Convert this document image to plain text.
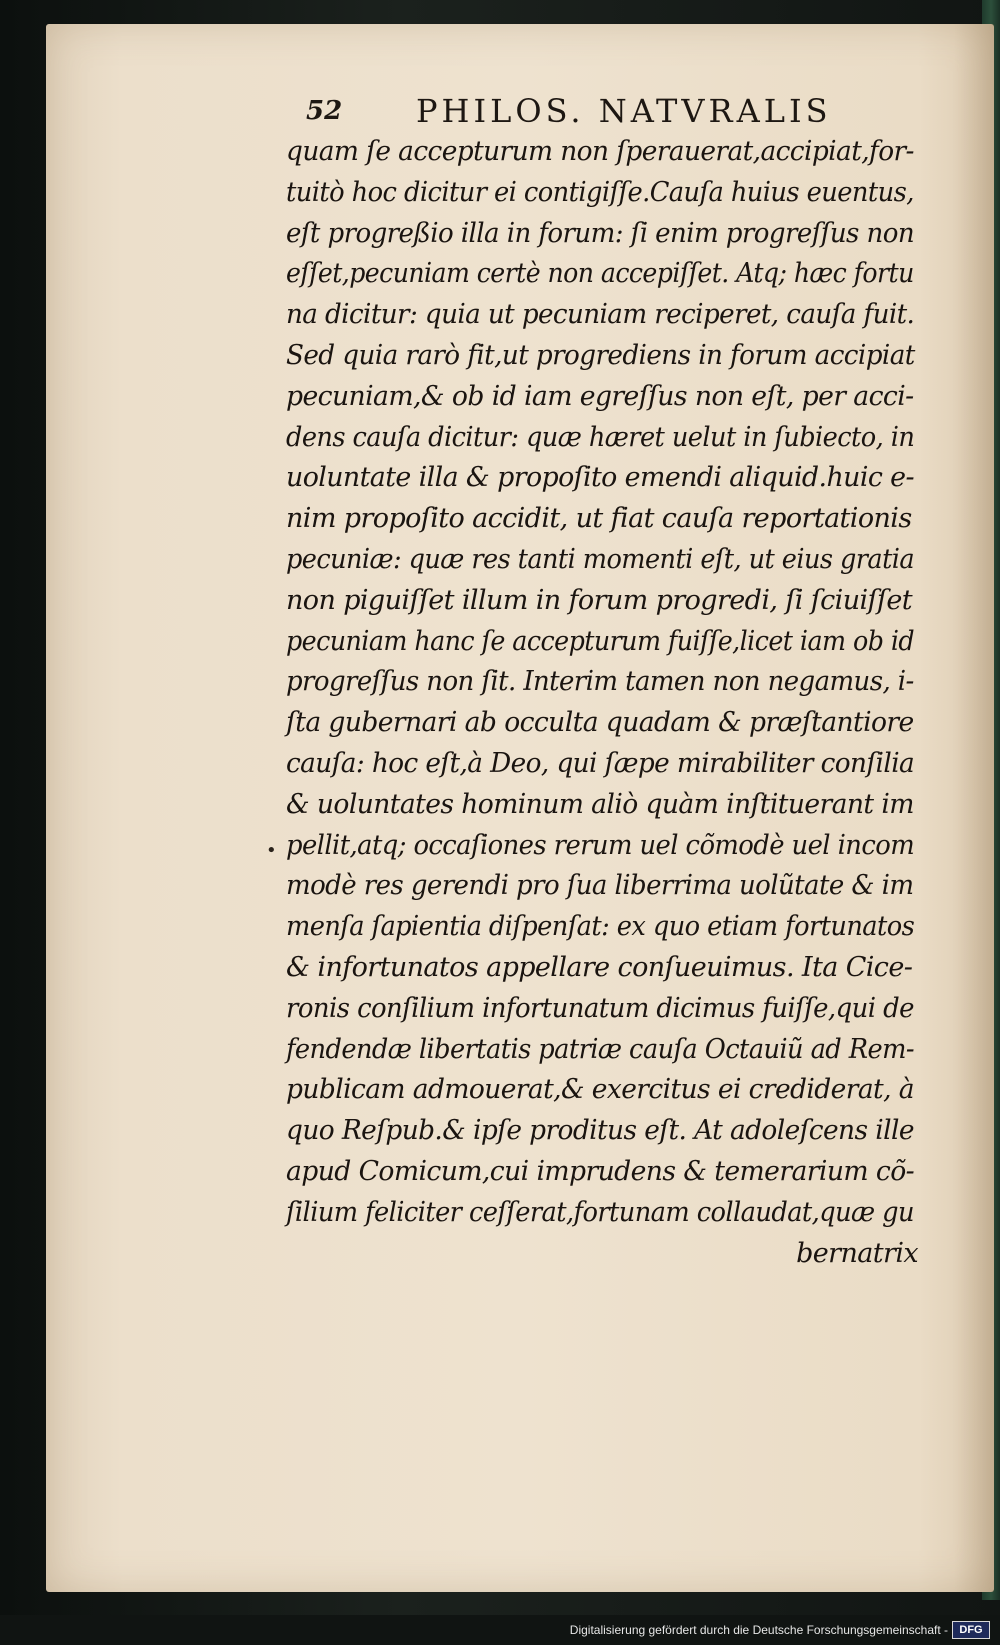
52 PHILOS. NATVRALIS
•
quam ſe accepturum non ſperauerat,accipiat,for-
tuitò hoc dicitur ei contigiſſe.Cauſa huius euentus,
eſt progreßio illa in forum: ſi enim progreſſus non
eſſet,pecuniam certè non accepiſſet. Atq; hæc fortu
na dicitur: quia ut pecuniam reciperet, cauſa fuit.
Sed quia rarò fit,ut progrediens in forum accipiat
pecuniam,& ob id iam egreſſus non eſt, per acci-
dens cauſa dicitur: quæ hæret uelut in ſubiecto, in
uoluntate illa & propoſito emendi aliquid.huic e-
nim propoſito accidit, ut fiat cauſa reportationis
pecuniæ: quæ res tanti momenti eſt, ut eius gratia
non piguiſſet illum in forum progredi, ſi ſciuiſſet
pecuniam hanc ſe accepturum fuiſſe,licet iam ob id
progreſſus non ſit. Interim tamen non negamus, i-
ſta gubernari ab occulta quadam & præſtantiore
cauſa: hoc eſt,à Deo, qui ſæpe mirabiliter conſilia
& uoluntates hominum aliò quàm inſtituerant im
pellit,atq; occaſiones rerum uel cõmodè uel incom
modè res gerendi pro ſua liberrima uolũtate & im
menſa ſapientia diſpenſat: ex quo etiam fortunatos
& infortunatos appellare conſueuimus. Ita Cice-
ronis conſilium infortunatum dicimus fuiſſe,qui de
fendendæ libertatis patriæ cauſa Octauiũ ad Rem-
publicam admouerat,& exercitus ei crediderat, à
quo Reſpub.& ipſe proditus eſt. At adoleſcens ille
apud Comicum,cui imprudens & temerarium cõ-
ſilium feliciter ceſſerat,fortunam collaudat,quæ gu
bernatrix
Digitalisierung gefördert durch die Deutsche Forschungsgemeinschaft -	DFG
